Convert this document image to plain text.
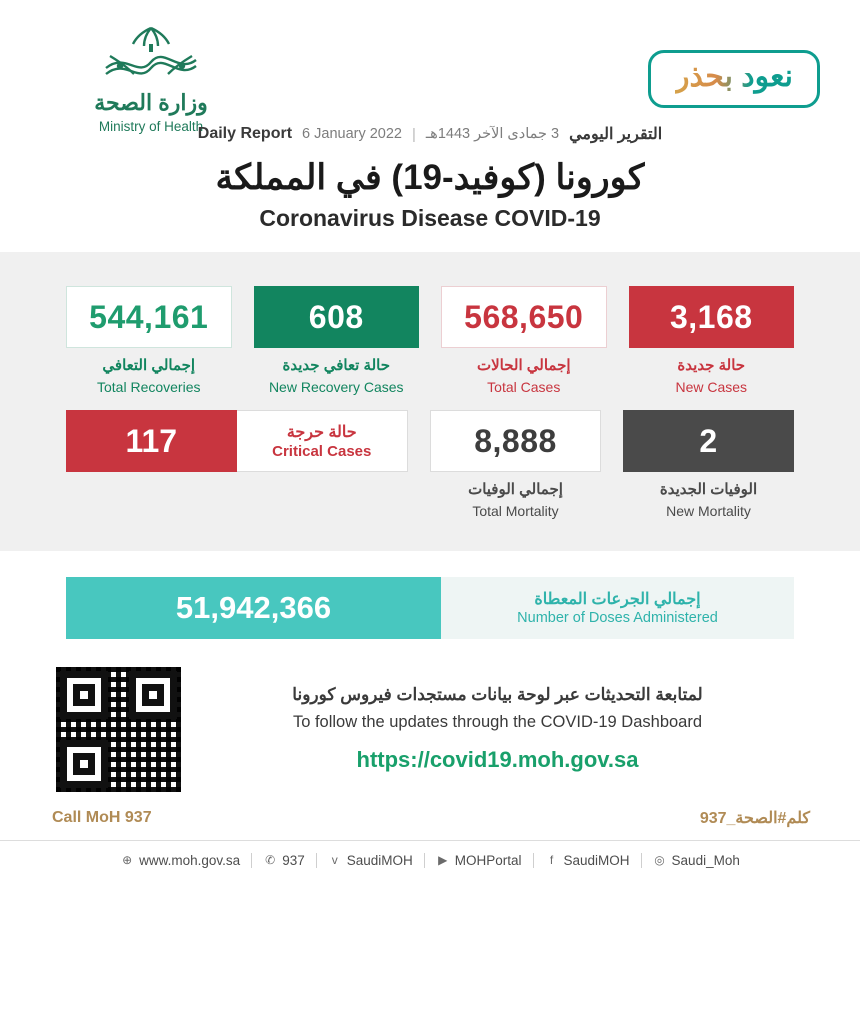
وزارة الصحة
Ministry of Health
نعود بحذر
Daily Report 6 January 2022 | 3 جمادى الآخر 1443هـ التقرير اليومي
كورونا (كوفيد-19) في المملكة
Coronavirus Disease COVID-19
544,161
إجمالي التعافي
Total Recoveries
608
حالة تعافي جديدة
New Recovery Cases
568,650
إجمالي الحالات
Total Cases
3,168
حالة جديدة
New Cases
117	حالة حرجة
Critical Cases	8,888
إجمالي الوفيات
Total Mortality
2
الوفيات الجديدة
New Mortality
51,942,366	إجمالي الجرعات المعطاة
Number of Doses Administered
لمتابعة التحديثات عبر لوحة بيانات مستجدات فيروس كورونا
To follow the updates through the COVID-19 Dashboard
https://covid19.moh.gov.sa
Call MoH 937	كلم#الصحة_937
⊕ www.moh.gov.sa ✆ 937	ᴠ SaudiMOH ▶ MOHPortal	f SaudiMOH ◎ Saudi_Moh
